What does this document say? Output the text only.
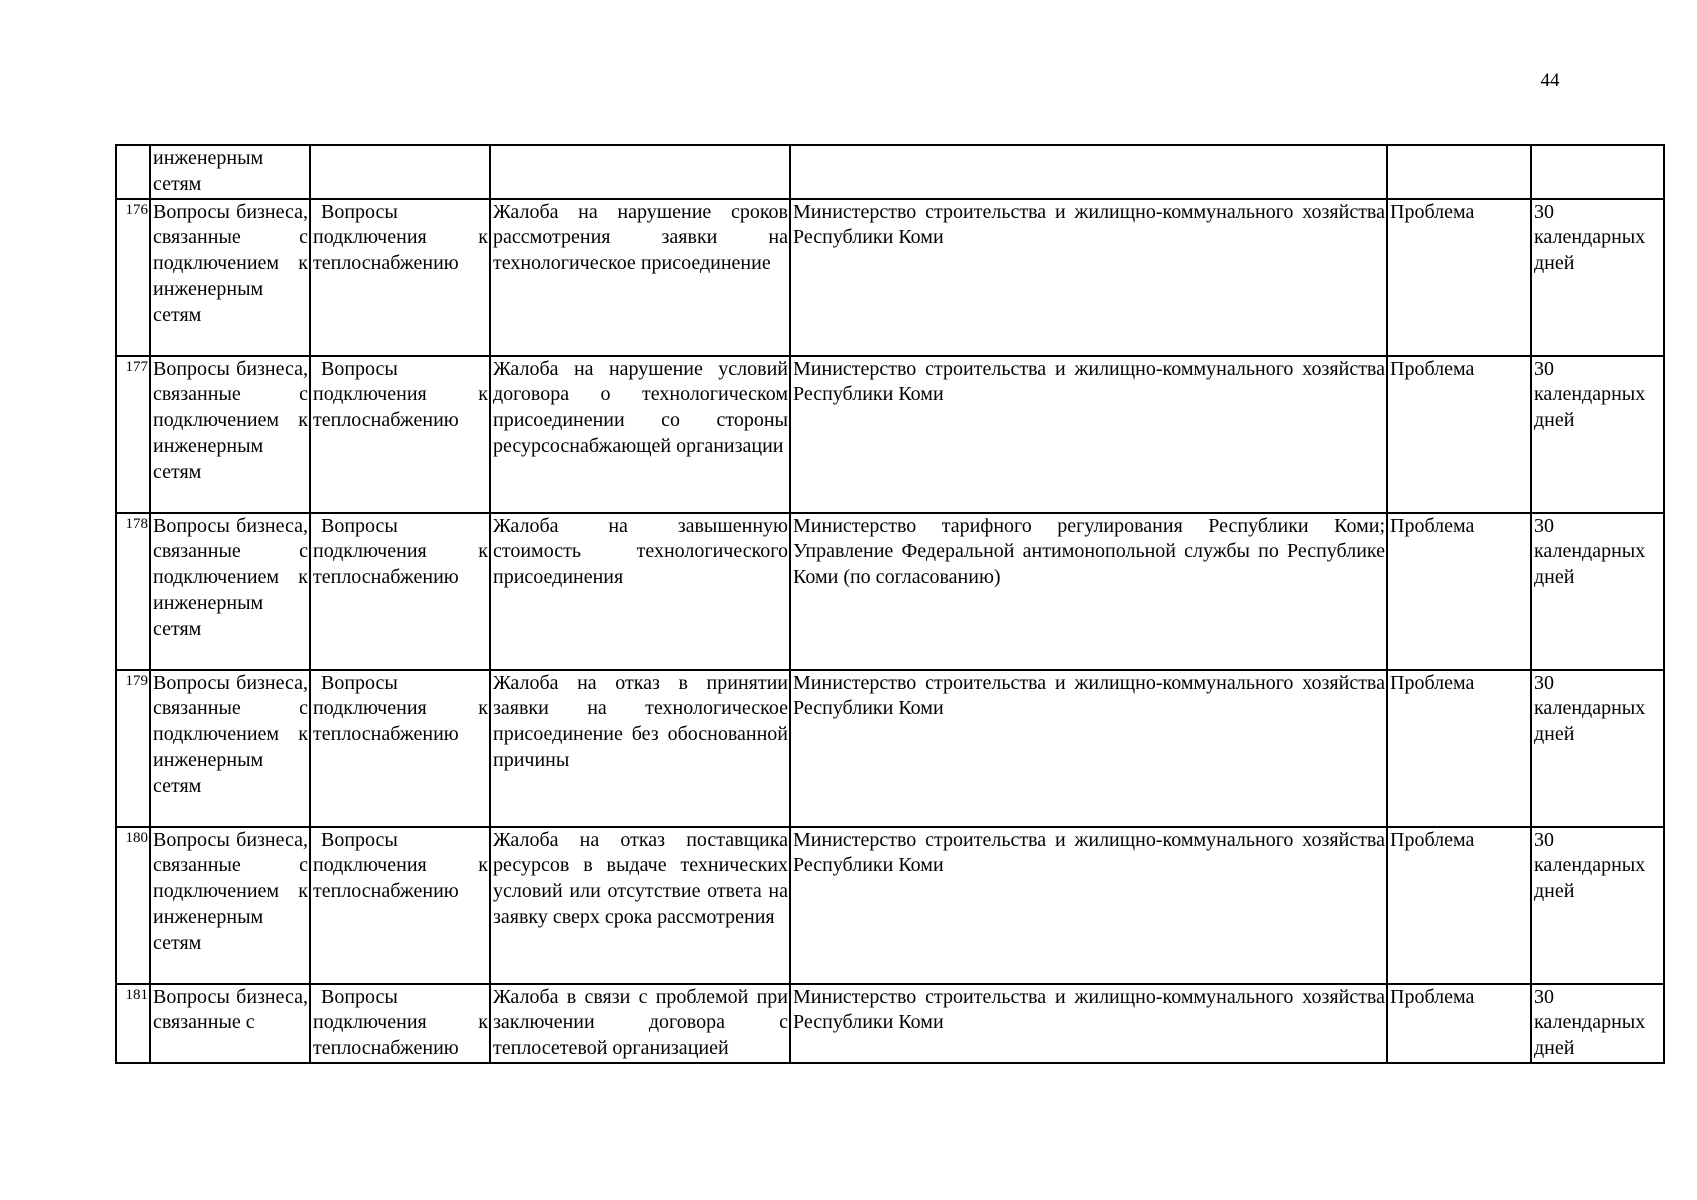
44
	инженерным сетям					
176	Вопросы бизнеса, связанные с подключением к инженерным сетям	Вопросы подключения к теплоснабжению	Жалоба на нарушение сроков рассмотрения заявки на технологическое присоединение	Министерство строительства и жилищно-коммунального хозяйства Республики Коми	Проблема	30 календарных дней
177	Вопросы бизнеса, связанные с подключением к инженерным сетям	Вопросы подключения к теплоснабжению	Жалоба на нарушение условий договора о технологическом присоединении со стороны ресурсоснабжающей организации	Министерство строительства и жилищно-коммунального хозяйства Республики Коми	Проблема	30 календарных дней
178	Вопросы бизнеса, связанные с подключением к инженерным сетям	Вопросы подключения к теплоснабжению	Жалоба на завышенную стоимость технологического присоединения	Министерство тарифного регулирования Республики Коми; Управление Федеральной антимонопольной службы по Республике Коми (по согласованию)	Проблема	30 календарных дней
179	Вопросы бизнеса, связанные с подключением к инженерным сетям	Вопросы подключения к теплоснабжению	Жалоба на отказ в принятии заявки на технологическое присоединение без обоснованной причины	Министерство строительства и жилищно-коммунального хозяйства Республики Коми	Проблема	30 календарных дней
180	Вопросы бизнеса, связанные с подключением к инженерным сетям	Вопросы подключения к теплоснабжению	Жалоба на отказ поставщика ресурсов в выдаче технических условий или отсутствие ответа на заявку сверх срока рассмотрения	Министерство строительства и жилищно-коммунального хозяйства Республики Коми	Проблема	30 календарных дней
181	Вопросы бизнеса, связанные с	Вопросы подключения к теплоснабжению	Жалоба в связи с проблемой при заключении договора с теплосетевой организацией	Министерство строительства и жилищно-коммунального хозяйства Республики Коми	Проблема	30 календарных дней
